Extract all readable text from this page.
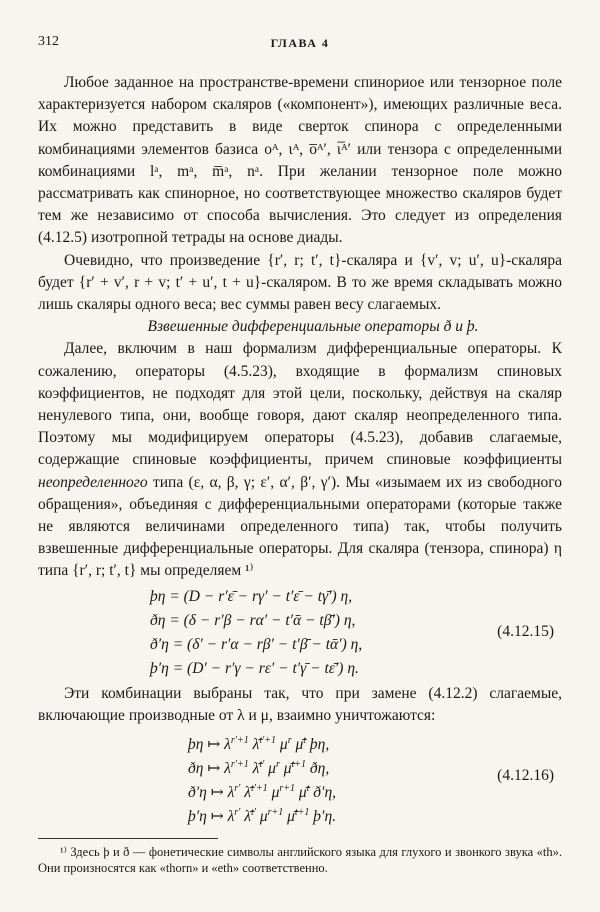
312	ГЛАВА 4

Любое заданное на пространстве-времени спинориое или тензорное поле характеризуется набором скаляров («компонент»), имеющих различные веса. Их можно представить в виде сверток спинора с определенными комбинациями элементов базиса oᴬ, ιᴬ, o̅ᴬ′, ι̅ᴬ′ или тензора с определенными комбинациями lᵃ, mᵃ, m̅ᵃ, nᵃ. При желании тензорное поле можно рассматривать как спинорное, но соответствующее множество скаляров будет тем же независимо от способа вычисления. Это следует из определения (4.12.5) изотропной тетрады на основе диады.

Очевидно, что произведение {r′, r; t′, t}-скаляра и {v′, v; u′, u}-скаляра будет {r′ + v′, r + v; t′ + u′, t + u}-скаляром. В то же время складывать можно лишь скаляры одного веса; вес суммы равен весу слагаемых.

Взвешенные дифференциальные операторы ð и þ.

Далее, включим в наш формализм дифференциальные операторы. К сожалению, операторы (4.5.23), входящие в формализм спиновых коэффициентов, не подходят для этой цели, поскольку, действуя на скаляр ненулевого типа, они, вообще говоря, дают скаляр неопределенного типа. Поэтому мы модифицируем операторы (4.5.23), добавив слагаемые, содержащие спиновые коэффициенты, причем спиновые коэффициенты неопределенного типа (ε, α, β, γ; ε′, α′, β′, γ′). Мы «изымаем их из свободного обращения», объединяя с дифференциальными операторами (которые также не являются величинами определенного типа) так, чтобы получить взвешенные дифференциальные операторы. Для скаляра (тензора, спинора) η типа {r′, r; t′, t} мы определяем ¹⁾

þη = (D − r′ε̄ − rγ′ − t′ε̄ − tγ̄′) η,
ðη = (δ − r′β − rα′ − t′ᾱ − tβ̄′) η,
ð′η = (δ′ − r′α − rβ′ − t′β̄ − tᾱ′) η,
þ′η = (D′ − r′γ − rε′ − t′γ̄ − tε̄′) η.
(4.12.15)

Эти комбинации выбраны так, что при замене (4.12.2) слагаемые, включающие производные от λ и μ, взаимно уничтожаются:

þη ↦ $\lambda^{r'+1}$ λ̄$^{t'+1}$ $\mu^r$ μ̄$^t$ þη,
ðη ↦ $\lambda^{r'+1}$ λ̄$^{t'}$ $\mu^r$ μ̄$^{t+1}$ ðη,
ð′η ↦ $\lambda^{r'}$ λ̄$^{t'+1}$ $\mu^{r+1}$ μ̄$^t$ ð′η,
þ′η ↦ $\lambda^{r'}$ λ̄$^{t'}$ $\mu^{r+1}$ μ̄$^{t+1}$ þ′η.
(4.12.16)

¹⁾ Здесь þ и ð — фонетические символы английского языка для глухого и звонкого звука «th». Они произносятся как «thorn» и «eth» соответственно.
